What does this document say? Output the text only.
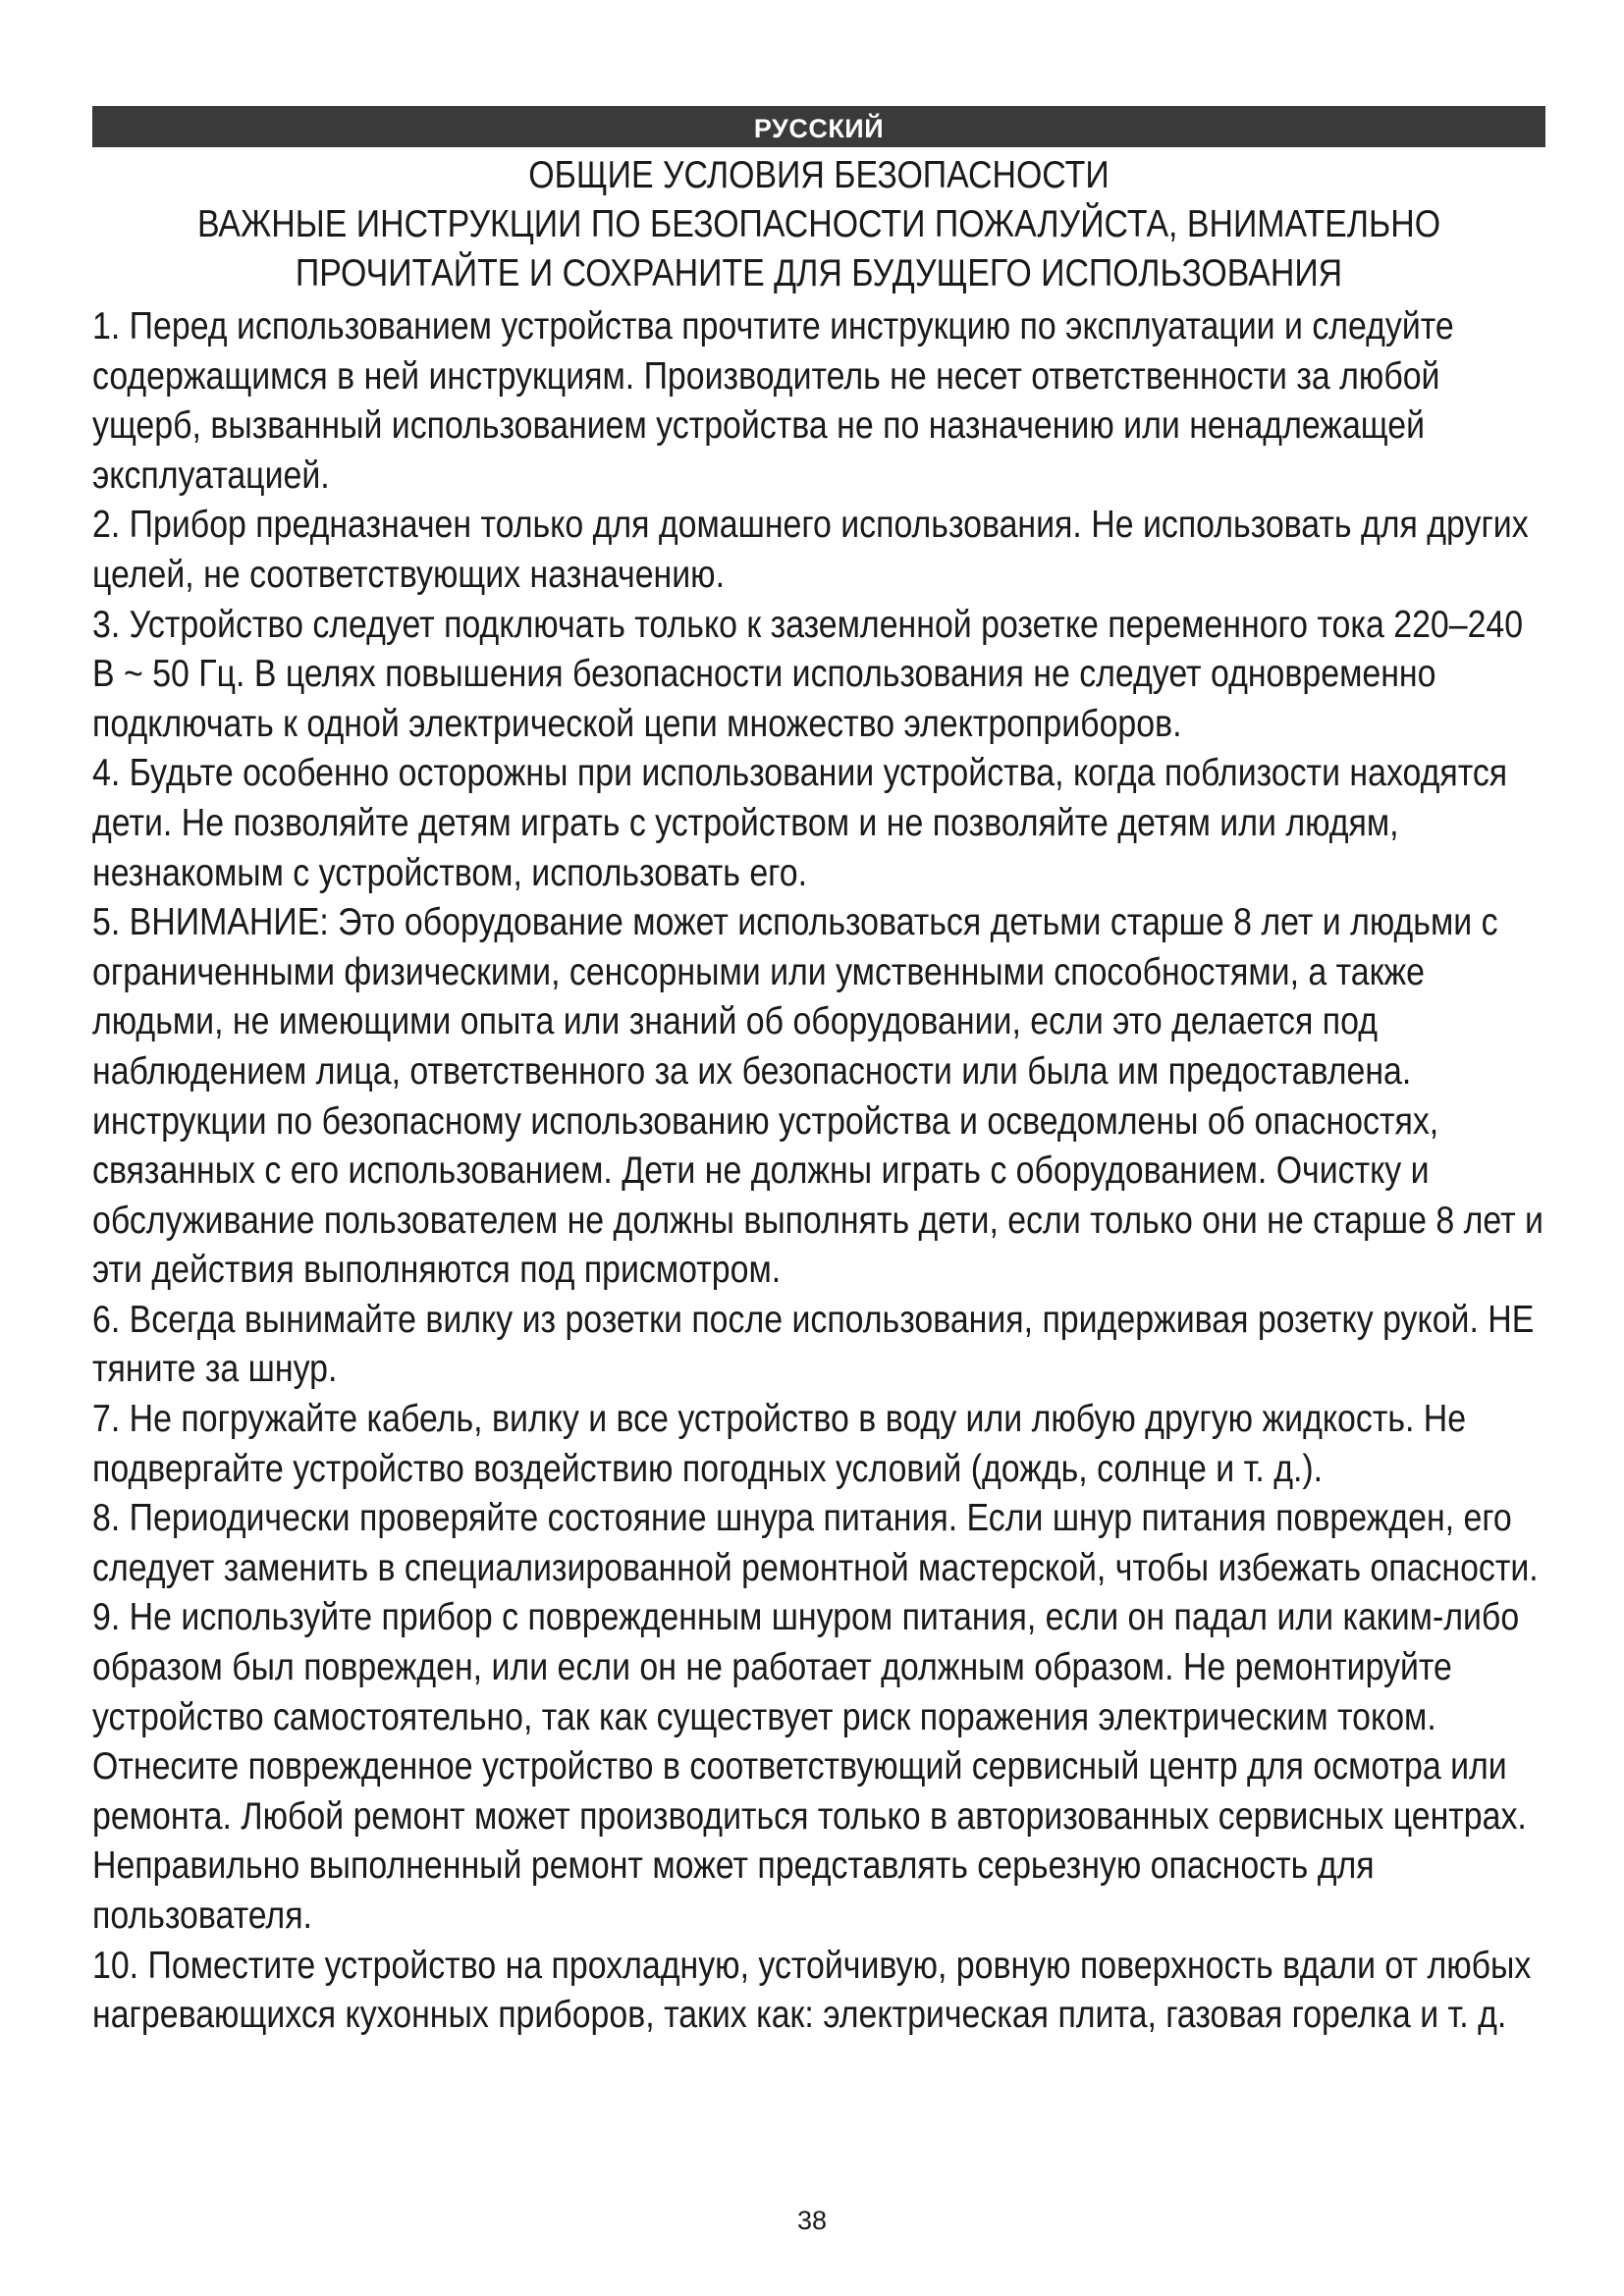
РУССКИЙ
ОБЩИЕ УСЛОВИЯ БЕЗОПАСНОСТИ
ВАЖНЫЕ ИНСТРУКЦИИ ПО БЕЗОПАСНОСТИ ПОЖАЛУЙСТА, ВНИМАТЕЛЬНО
ПРОЧИТАЙТЕ И СОХРАНИТЕ ДЛЯ БУДУЩЕГО ИСПОЛЬЗОВАНИЯ

1. Перед использованием устройства прочтите инструкцию по эксплуатации и следуйте содержащимся в ней инструкциям. Производитель не несет ответственности за любой ущерб, вызванный использованием устройства не по назначению или ненадлежащей эксплуатацией.

2. Прибор предназначен только для домашнего использования. Не использовать для других целей, не соответствующих назначению.

3. Устройство следует подключать только к заземленной розетке переменного тока 220–240 В ~ 50 Гц. В целях повышения безопасности использования не следует одновременно подключать к одной электрической цепи множество электроприборов.

4. Будьте особенно осторожны при использовании устройства, когда поблизости находятся дети. Не позволяйте детям играть с устройством и не позволяйте детям или людям, незнакомым с устройством, использовать его.

5. ВНИМАНИЕ: Это оборудование может использоваться детьми старше 8 лет и людьми с ограниченными физическими, сенсорными или умственными способностями, а также людьми, не имеющими опыта или знаний об оборудовании, если это делается под наблюдением лица, ответственного за их безопасности или была им предоставлена. инструкции по безопасному использованию устройства и осведомлены об опасностях, связанных с его использованием. Дети не должны играть с оборудованием. Очистку и обслуживание пользователем не должны выполнять дети, если только они не старше 8 лет и эти действия выполняются под присмотром.

6. Всегда вынимайте вилку из розетки после использования, придерживая розетку рукой. НЕ тяните за шнур.

7. Не погружайте кабель, вилку и все устройство в воду или любую другую жидкость. Не подвергайте устройство воздействию погодных условий (дождь, солнце и т. д.).

8. Периодически проверяйте состояние шнура питания. Если шнур питания поврежден, его следует заменить в специализированной ремонтной мастерской, чтобы избежать опасности.

9. Не используйте прибор с поврежденным шнуром питания, если он падал или каким-либо образом был поврежден, или если он не работает должным образом. Не ремонтируйте устройство самостоятельно, так как существует риск поражения электрическим током. Отнесите поврежденное устройство в соответствующий сервисный центр для осмотра или ремонта. Любой ремонт может производиться только в авторизованных сервисных центрах. Неправильно выполненный ремонт может представлять серьезную опасность для пользователя.

10. Поместите устройство на прохладную, устойчивую, ровную поверхность вдали от любых нагревающихся кухонных приборов, таких как: электрическая плита, газовая горелка и т. д.

38
